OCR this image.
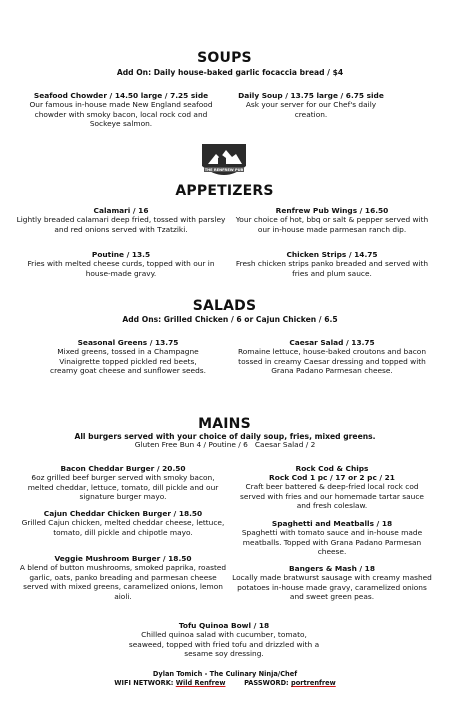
SOUPS
Add On: Daily house-baked garlic focaccia bread / $4
Seafood Chowder / 14.50 large / 7.25 side
Our famous in-house made New England seafood chowder with smoky bacon, local rock cod and Sockeye salmon.
Daily Soup / 13.75 large / 6.75 side
Ask your server for our Chef's daily creation.
THE RENFREW PUB
APPETIZERS
Calamari / 16
Lightly breaded calamari deep fried, tossed with parsley and red onions served with Tzatziki.
Renfrew Pub Wings / 16.50
Your choice of hot, bbq or salt & pepper served with our in-house made parmesan ranch dip.
Poutine / 13.5
Fries with melted cheese curds, topped with our in house-made gravy.
Chicken Strips / 14.75
Fresh chicken strips panko breaded and served with fries and plum sauce.
SALADS
Add Ons: Grilled Chicken / 6 or Cajun Chicken / 6.5
Seasonal Greens / 13.75
Mixed greens, tossed in a Champagne Vinaigrette topped pickled red beets, creamy goat cheese and sunflower seeds.
Caesar Salad / 13.75
Romaine lettuce, house-baked croutons and bacon tossed in creamy Caesar dressing and topped with Grana Padano Parmesan cheese.
MAINS
All burgers served with your choice of daily soup, fries, mixed greens.
Gluten Free Bun 4 / Poutine / 6   Caesar Salad / 2
Bacon Cheddar Burger / 20.50
6oz grilled beef burger served with smoky bacon, melted cheddar, lettuce, tomato, dill pickle and our signature burger mayo.
Cajun Cheddar Chicken Burger / 18.50
Grilled Cajun chicken, melted cheddar cheese, lettuce, tomato, dill pickle and chipotle mayo.
Veggie Mushroom Burger / 18.50
A blend of button mushrooms, smoked paprika, roasted garlic, oats, panko breading and parmesan cheese served with mixed greens, caramelized onions, lemon aioli.
Rock Cod & Chips
Rock Cod 1 pc / 17 or 2 pc / 21
Craft beer battered & deep-fried local rock cod served with fries and our homemade tartar sauce and fresh coleslaw.
Spaghetti and Meatballs / 18
Spaghetti with tomato sauce and in-house made meatballs. Topped with Grana Padano Parmesan cheese.
Bangers & Mash / 18
Locally made bratwurst sausage with creamy mashed potatoes in-house made gravy, caramelized onions and sweet green peas.
Tofu Quinoa Bowl / 18
Chilled quinoa salad with cucumber, tomato, seaweed, topped with fried tofu and drizzled with a sesame soy dressing.
Dylan Tomich - The Culinary Ninja/Chef
WIFI NETWORK: Wild Renfrew	PASSWORD: portrenfrew
